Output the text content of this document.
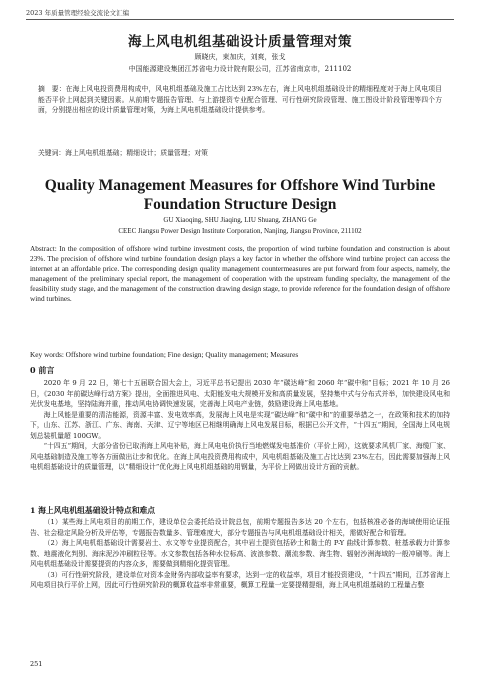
2023 年质量管理经验交流论文汇编
海上风电机组基础设计质量管理对策
顾晓庆，束加庆，刘爽，张戈
中国能源建设集团江苏省电力设计院有限公司，江苏省南京市，211102
摘　要：在海上风电投资费用构成中，风电机组基础及施工占比达到 23%左右，海上风电机组基础设计的精细程度对于海上风电项目能否平价上网起到关键因素。从前期专题报告管理、与上游提资专业配合管理、可行性研究阶段管理、施工图设计阶段管理等四个方面，分别提出相应的设计质量管理对策，为海上风电机组基础设计提供参考。
关键词：海上风电机组基础；精细设计；质量管理；对策
Quality Management Measures for Offshore Wind Turbine Foundation Structure Design
GU Xiaoqing, SHU Jiaqing, LIU Shuang, ZHANG Ge
CEEC Jiangsu Power Design Institute Corporation, Nanjing, Jiangsu Province, 211102
Abstract: In the composition of offshore wind turbine investment costs, the proportion of wind turbine foundation and construction is about 23%. The precision of offshore wind turbine foundation design plays a key factor in whether the offshore wind turbine project can access the internet at an affordable price. The corresponding design quality management countermeasures are put forward from four aspects, namely, the management of the preliminary special report, the management of cooperation with the upstream funding specialty, the management of the feasibility study stage, and the management of the construction drawing design stage, to provide reference for the foundation design of offshore wind turbines.
Key words: Offshore wind turbine foundation; Fine design; Quality management; Measures
0 前言

2020 年 9 月 22 日，第七十五届联合国大会上，习近平总书记提出 2030 年“碳达峰”和 2060 年“碳中和”目标；2021 年 10 月 26 日，《2030 年前碳达峰行动方案》提出，全面推进风电、太阳能发电大规模开发和高质量发展，坚持集中式与分布式并举，加快建设风电和光伏发电基地，坚持陆海并重，推动风电协调快速发展，完善海上风电产业链，鼓励建设海上风电基地。

海上风能是重要的清洁能源，资源丰富、发电效率高，发展海上风电是实现“碳达峰”和“碳中和”的重要举措之一，在政策和技术的加持下，山东、江苏、浙江、广东、海南、天津、辽宁等地区已相继明确海上风电发展目标，根据已公开文件，“十四五”期间，全国海上风电规划总装机量超 100GW。

“十四五”期间，大部分省份已取消海上风电补贴，海上风电电价执行当地燃煤发电基准价（平价上网），这就要求风机厂家、海缆厂家、风电基础制造及施工等各方面做出让步和优化。在海上风电投资费用构成中，风电机组基础及施工占比达到 23%左右，因此需要加强海上风电机组基础设计的质量管理，以“精细设计”优化海上风电机组基础的用钢量，为平价上网做出设计方面的贡献。

1 海上风电机组基础设计特点和难点

（1）某些海上风电项目的前期工作，建设单位会委托给设计院总包，前期专题报告多达 20 个左右，包括核准必备的海域使用论证报告、社会稳定风险分析及评估等，专题报告数量多、管理难度大，部分专题报告与风电机组基础设计相关，需做好配合和管理。

（2）海上风电机组基础设计需要岩土、水文等专业提资配合，其中岩土提资包括砂土和黏土的 P-Y 曲线计算参数、桩基承载力计算参数、地震液化判别、海床泥沙冲刷粒径等。水文参数包括各种水位标高、波浪参数、潮流参数、海生物、辐射沙洲海域的一般冲刷等。海上风电机组基础设计需要提资的内容众多，需要做到精细化提资管理。

（3）可行性研究阶段，建设单位对资本金财务内部收益率有要求，达到一定的收益率，项目才能投资建设，“十四五”期间，江苏省海上风电项目执行平价上网，因此可行性研究阶段的概算收益率非常重要，概算工程量一定要提精提细，海上风电机组基础的工程量占整

251
